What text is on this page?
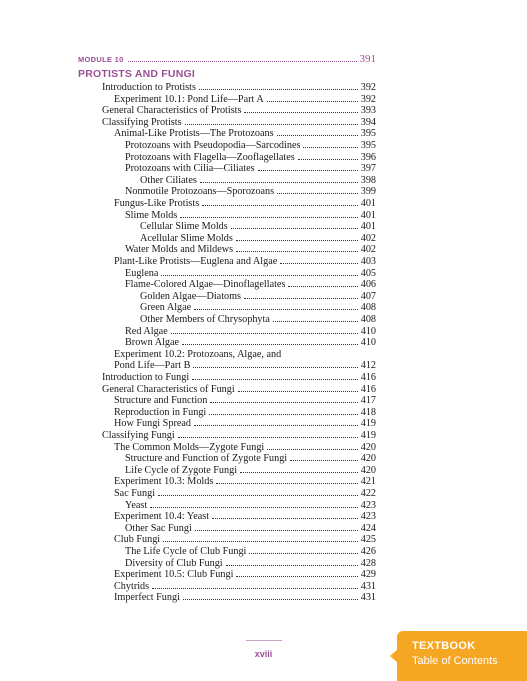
MODULE 10	391
PROTISTS AND FUNGI
Introduction to Protists	392
Experiment 10.1: Pond Life—Part A	392
General Characteristics of Protists	393
Classifying Protists	394
Animal-Like Protists—The Protozoans	395
Protozoans with Pseudopodia—Sarcodines	395
Protozoans with Flagella—Zooflagellates	396
Protozoans with Cilia—Ciliates	397
Other Ciliates	398
Nonmotile Protozoans—Sporozoans	399
Fungus-Like Protists	401
Slime Molds	401
Cellular Slime Molds	401
Acellular Slime Molds	402
Water Molds and Mildews	402
Plant-Like Protists—Euglena and Algae	403
Euglena	405
Flame-Colored Algae—Dinoflagellates	406
Golden Algae—Diatoms	407
Green Algae	408
Other Members of Chrysophyta	408
Red Algae	410
Brown Algae	410
Experiment 10.2: Protozoans, Algae, and
Pond Life—Part B	412
Introduction to Fungi	416
General Characteristics of Fungi	416
Structure and Function	417
Reproduction in Fungi	418
How Fungi Spread	419
Classifying Fungi	419
The Common Molds—Zygote Fungi	420
Structure and Function of Zygote Fungi	420
Life Cycle of Zygote Fungi	420
Experiment 10.3: Molds	421
Sac Fungi	422
Yeast	423
Experiment 10.4: Yeast	423
Other Sac Fungi	424
Club Fungi	425
The Life Cycle of Club Fungi	426
Diversity of Club Fungi	428
Experiment 10.5: Club Fungi	429
Chytrids	431
Imperfect Fungi	431
xviii
TEXTBOOK
Table of Contents
